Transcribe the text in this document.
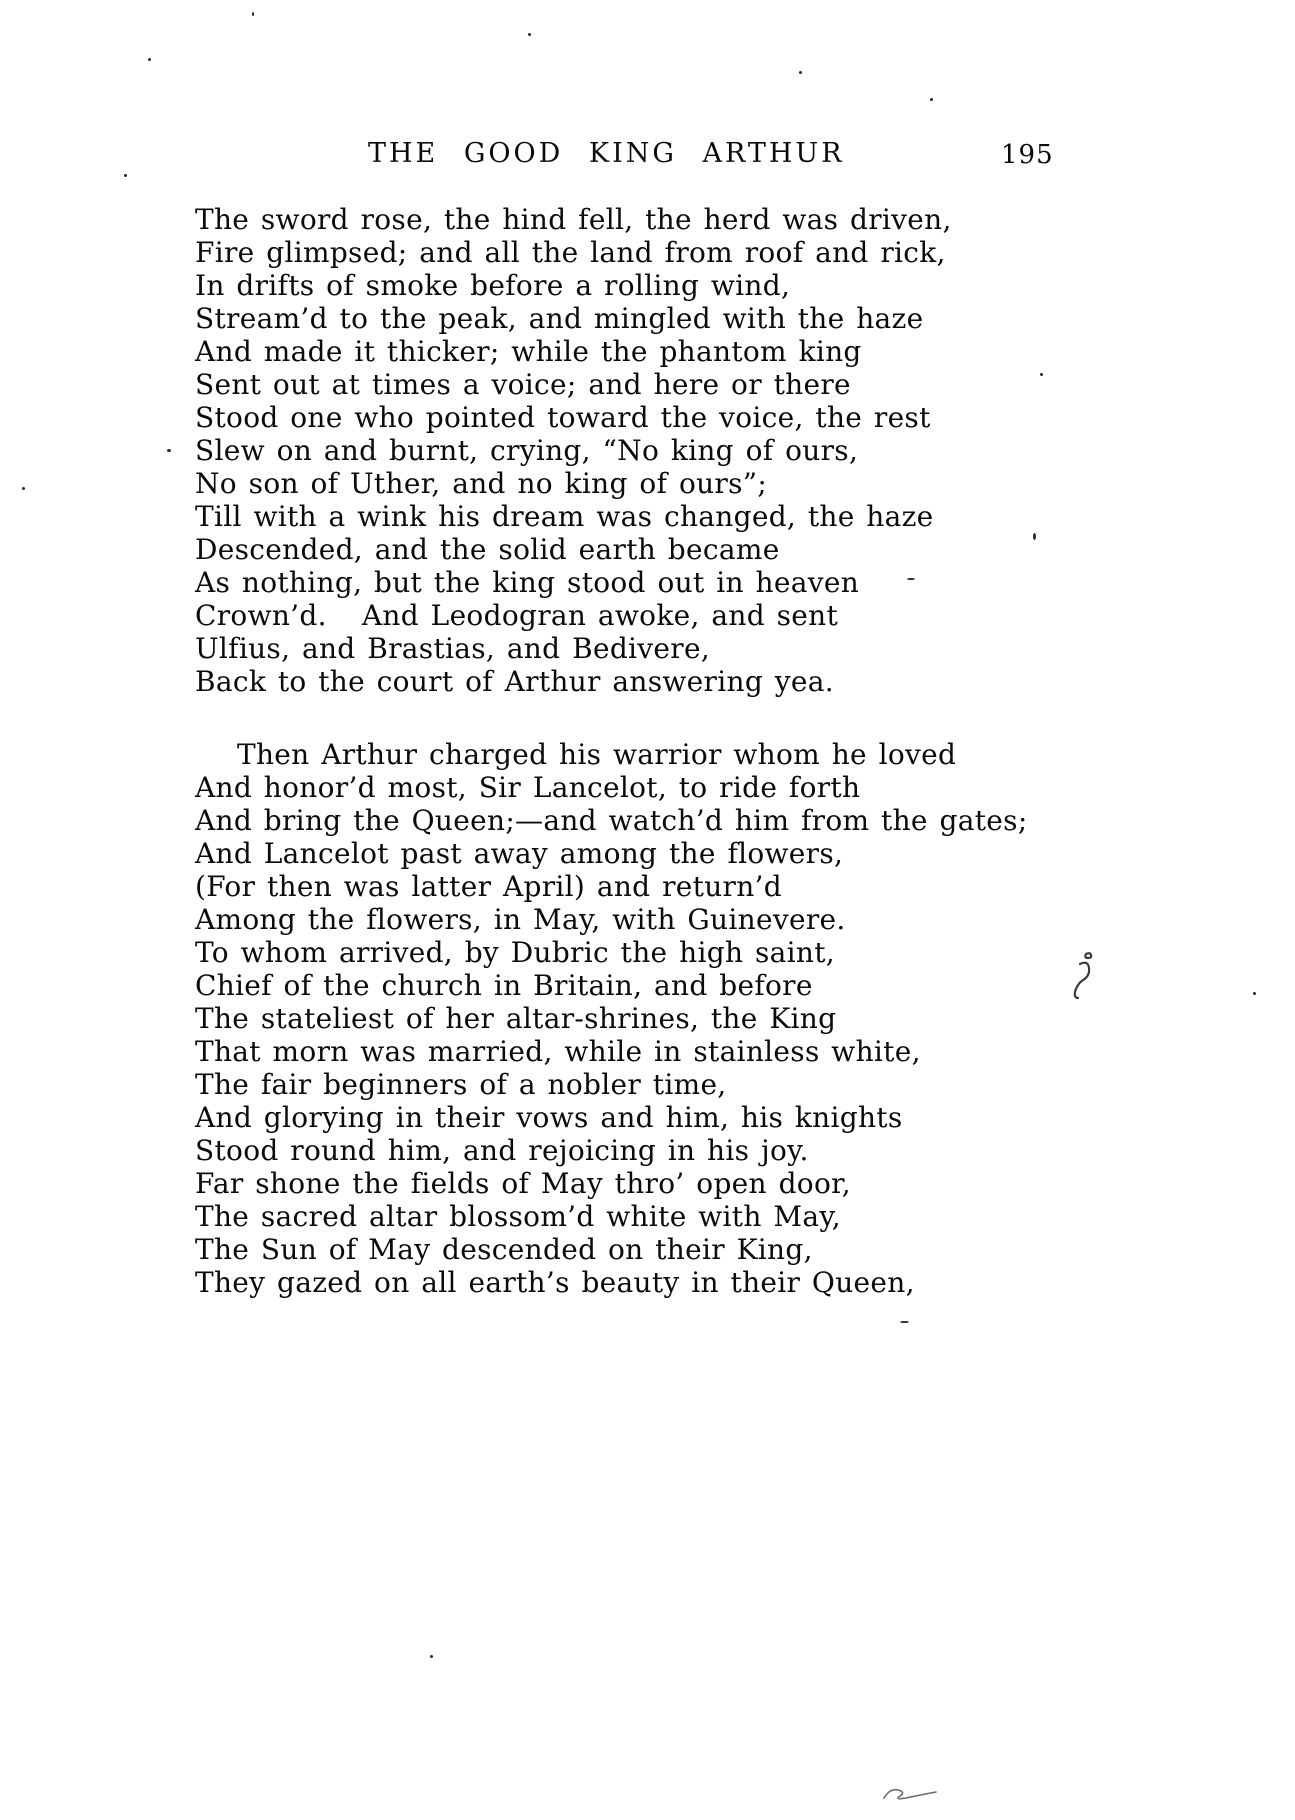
THE GOOD KING ARTHUR	195
The sword rose, the hind fell, the herd was driven,
Fire glimpsed; and all the land from roof and rick,
In drifts of smoke before a rolling wind,
Stream’d to the peak, and mingled with the haze
And made it thicker; while the phantom king
Sent out at times a voice; and here or there
Stood one who pointed toward the voice, the rest
Slew on and burnt, crying, “No king of ours,
No son of Uther, and no king of ours”;
Till with a wink his dream was changed, the haze
Descended, and the solid earth became
As nothing, but the king stood out in heaven
Crown’d.   And Leodogran awoke, and sent
Ulfius, and Brastias, and Bedivere,
Back to the court of Arthur answering yea.
Then Arthur charged his warrior whom he loved
And honor’d most, Sir Lancelot, to ride forth
And bring the Queen;—and watch’d him from the gates;
And Lancelot past away among the flowers,
(For then was latter April) and return’d
Among the flowers, in May, with Guinevere.
To whom arrived, by Dubric the high saint,
Chief of the church in Britain, and before
The stateliest of her altar-shrines, the King
That morn was married, while in stainless white,
The fair beginners of a nobler time,
And glorying in their vows and him, his knights
Stood round him, and rejoicing in his joy.
Far shone the fields of May thro’ open door,
The sacred altar blossom’d white with May,
The Sun of May descended on their King,
They gazed on all earth’s beauty in their Queen,
